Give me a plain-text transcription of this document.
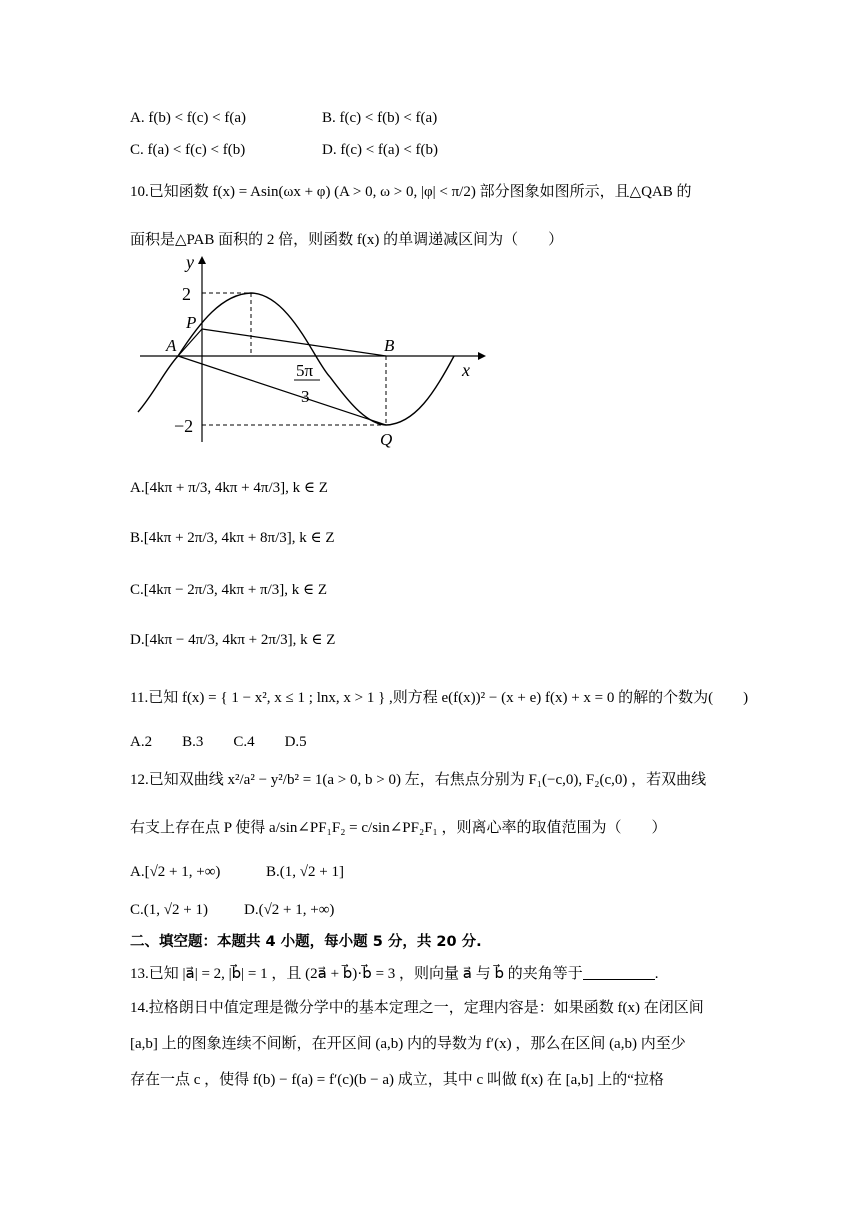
A. f(b) < f(c) < f(a)	B. f(c) < f(b) < f(a)
C. f(a) < f(c) < f(b)	D. f(c) < f(a) < f(b)
10.已知函数 f(x) = Asin(ωx + φ) (A > 0, ω > 0, |φ| < π/2) 部分图象如图所示，且△QAB 的
面积是△PAB 面积的 2 倍，则函数 f(x) 的单调递减区间为（　　）
y
x
2
−2
P
A	B
Q
5π
3
A.[4kπ + π/3, 4kπ + 4π/3], k ∈ Z
B.[4kπ + 2π/3, 4kπ + 8π/3], k ∈ Z
C.[4kπ − 2π/3, 4kπ + π/3], k ∈ Z
D.[4kπ − 4π/3, 4kπ + 2π/3], k ∈ Z
11.已知 f(x) = { 1 − x², x ≤ 1 ; lnx, x > 1 } ,则方程 e(f(x))² − (x + e) f(x) + x = 0 的解的个数为(　　)
A.2　　B.3　　C.4　　D.5
12.已知双曲线 x²/a² − y²/b² = 1(a > 0, b > 0) 左，右焦点分别为 F₁(−c,0), F₂(c,0) ，若双曲线
右支上存在点 P 使得 a/sin∠PF₁F₂ = c/sin∠PF₂F₁ ，则离心率的取值范围为（　　）
A.[√2 + 1, +∞)	B.(1, √2 + 1]
C.(1, √2 + 1) D.(√2 + 1, +∞)
二、填空题：本题共 4 小题，每小题 5 分，共 20 分.
13.已知 |a⃗| = 2, |b⃗| = 1 ，且 (2a⃗ + b⃗)·b⃗ = 3 ，则向量 a⃗ 与 b⃗ 的夹角等于	.
14.拉格朗日中值定理是微分学中的基本定理之一，定理内容是：如果函数 f(x) 在闭区间
[a,b] 上的图象连续不间断，在开区间 (a,b) 内的导数为 f′(x) ，那么在区间 (a,b) 内至少
存在一点 c ，使得 f(b) − f(a) = f′(c)(b − a) 成立，其中 c 叫做 f(x) 在 [a,b] 上的“拉格
